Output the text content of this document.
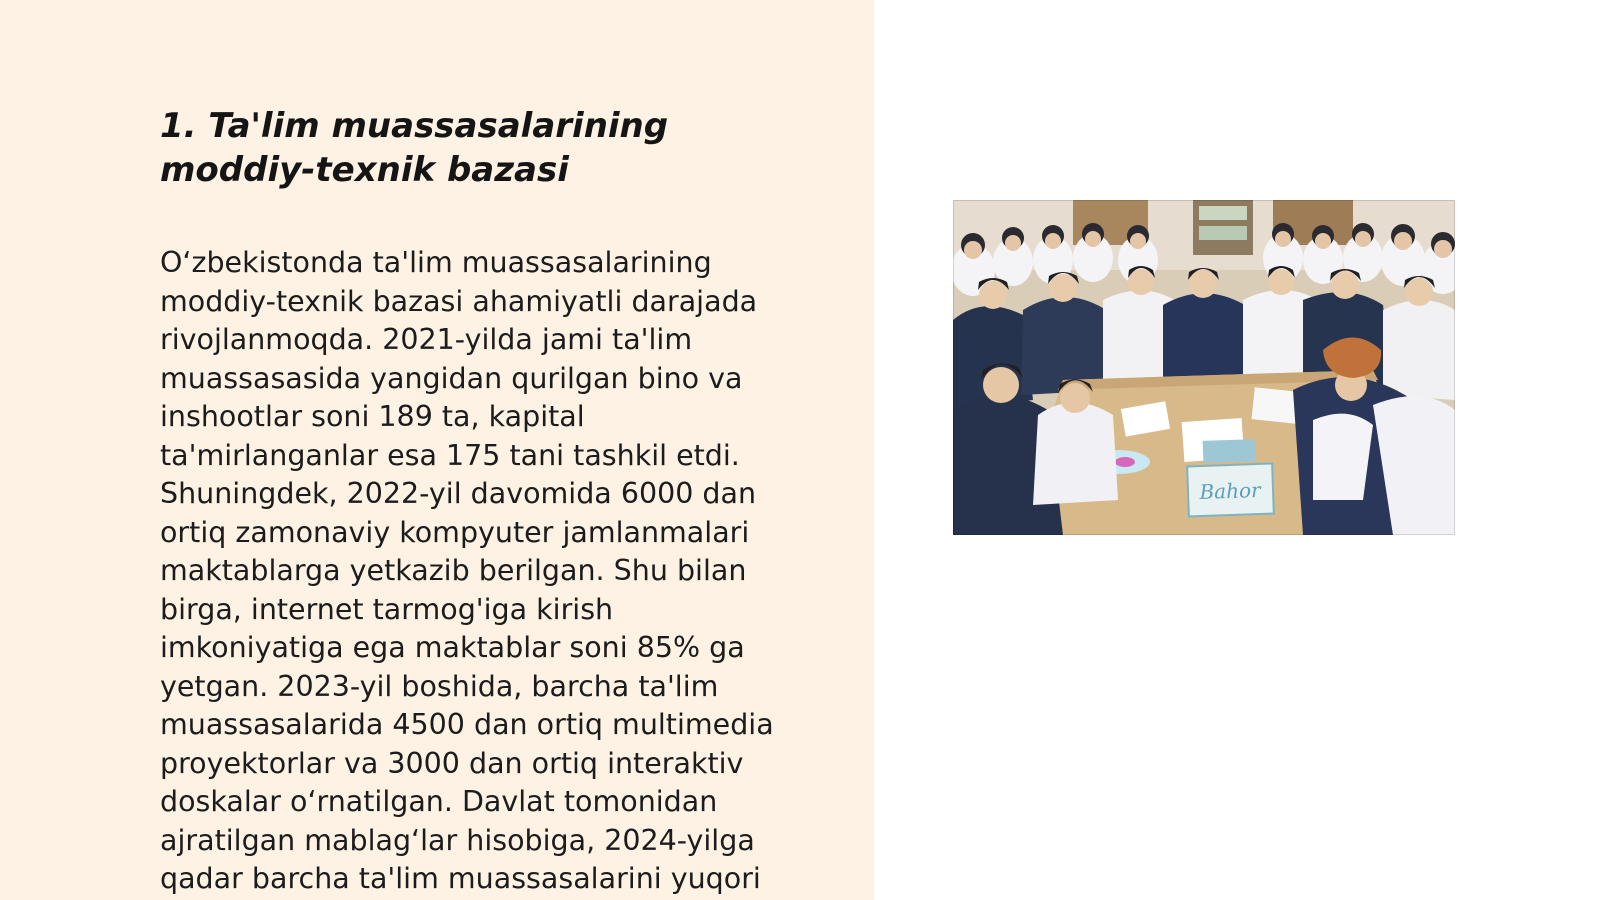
1. Ta'lim muassasalarining moddiy-texnik bazasi
O‘zbekistonda ta'lim muassasalarining
moddiy-texnik bazasi ahamiyatli darajada
rivojlanmoqda. 2021-yilda jami ta'lim
muassasasida yangidan qurilgan bino va
inshootlar soni 189 ta, kapital
ta'mirlanganlar esa 175 tani tashkil etdi.
Shuningdek, 2022-yil davomida 6000 dan
ortiq zamonaviy kompyuter jamlanmalari
maktablarga yetkazib berilgan. Shu bilan
birga, internet tarmog'iga kirish
imkoniyatiga ega maktablar soni 85% ga
yetgan. 2023-yil boshida, barcha ta'lim
muassasalarida 4500 dan ortiq multimedia
proyektorlar va 3000 dan ortiq interaktiv
doskalar o‘rnatilgan. Davlat tomonidan
ajratilgan mablag‘lar hisobiga, 2024-yilga
qadar barcha ta'lim muassasalarini yuqori
Bahor
